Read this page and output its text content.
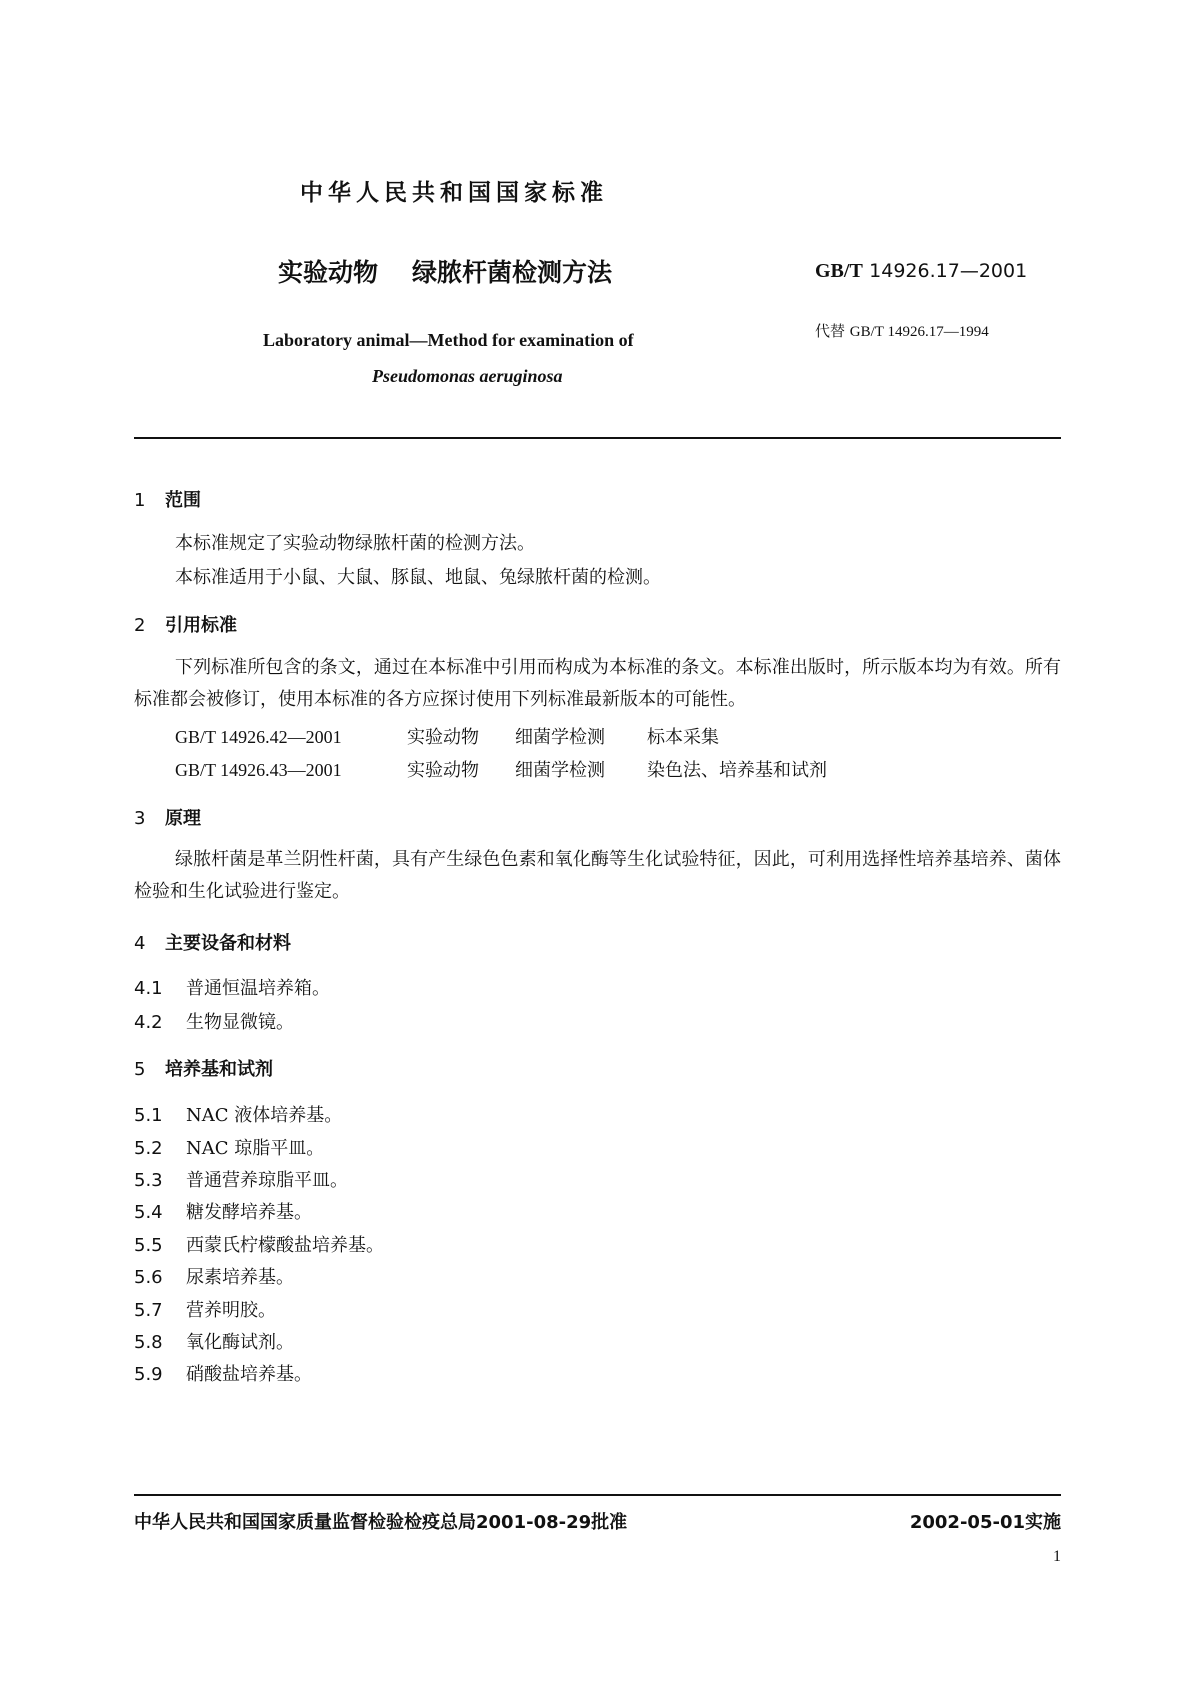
中华人民共和国国家标准
实验动物 绿脓杆菌检测方法
Laboratory animal—Method for examination of
Pseudomonas aeruginosa
GB/T 14926.17—2001
代替 GB/T 14926.17—1994
1 范围
本标准规定了实验动物绿脓杆菌的检测方法。
本标准适用于小鼠、大鼠、豚鼠、地鼠、兔绿脓杆菌的检测。
2 引用标准
下列标准所包含的条文，通过在本标准中引用而构成为本标准的条文。本标准出版时，所示版本均为有效。所有标准都会被修订，使用本标准的各方应探讨使用下列标准最新版本的可能性。
GB/T 14926.42—2001	实验动物 细菌学检测 标本采集
GB/T 14926.43—2001	实验动物 细菌学检测 染色法、培养基和试剂
3 原理
绿脓杆菌是革兰阴性杆菌，具有产生绿色色素和氧化酶等生化试验特征，因此，可利用选择性培养基培养、菌体检验和生化试验进行鉴定。
4 主要设备和材料
4.1 普通恒温培养箱。
4.2 生物显微镜。
5 培养基和试剂
5.1 NAC 液体培养基。
5.2 NAC 琼脂平皿。
5.3 普通营养琼脂平皿。
5.4 糖发酵培养基。
5.5 西蒙氏柠檬酸盐培养基。
5.6 尿素培养基。
5.7 营养明胶。
5.8 氧化酶试剂。
5.9 硝酸盐培养基。
中华人民共和国国家质量监督检验检疫总局2001-08-29批准	2002-05-01实施
1
